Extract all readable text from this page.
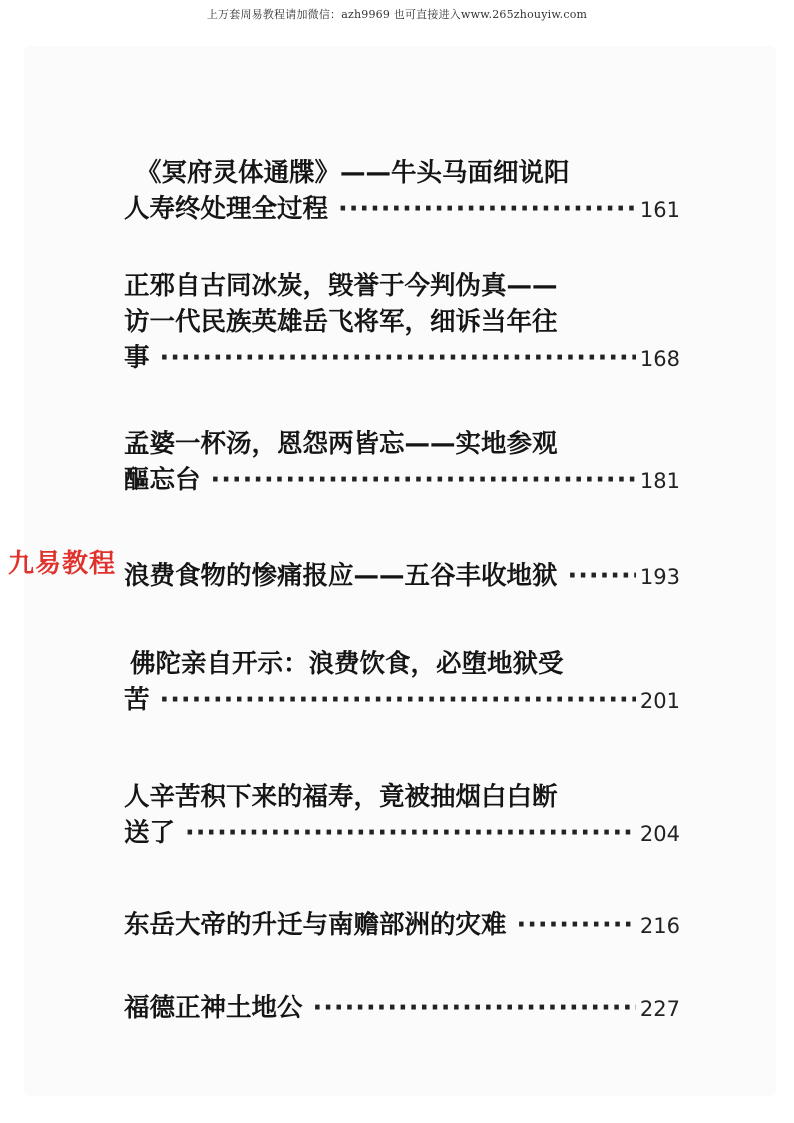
上万套周易教程请加微信：azh9969 也可直接进入www.265zhouyiw.com
《冥府灵体通牒》——牛头马面细说阳
人寿终处理全过程 ·····	161
正邪自古同冰炭，毁誉于今判伪真——
访一代民族英雄岳飞将军，细诉当年往
事 ·····	168
孟婆一杯汤，恩怨两皆忘——实地参观
醧忘台 ·····	181
浪费食物的惨痛报应——五谷丰收地狱 ·····	193
佛陀亲自开示：浪费饮食，必堕地狱受
苦 ·····	201
人辛苦积下来的福寿，竟被抽烟白白断
送了 ·····	204
东岳大帝的升迁与南赡部洲的灾难 ·····	216
福德正神土地公 ·····	227
九易教程
